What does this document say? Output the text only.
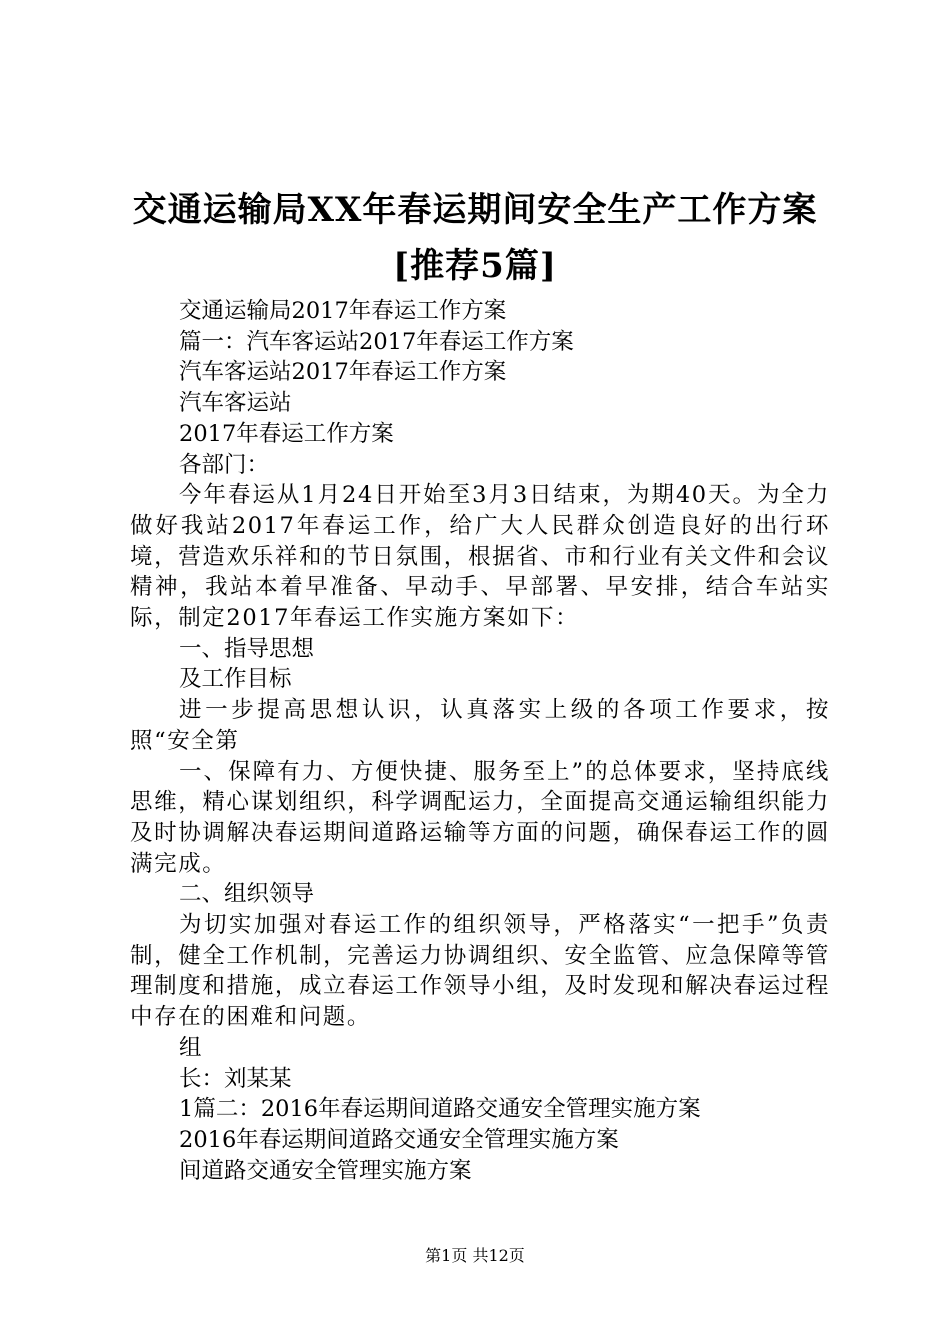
交通运输局XX年春运期间安全生产工作方案
[推荐5篇]

交通运输局2017年春运工作方案

篇一：汽车客运站2017年春运工作方案

汽车客运站2017年春运工作方案

汽车客运站

2017年春运工作方案

各部门：

今年春运从1月24日开始至3月3日结束，为期40天。为全力做好我站2017年春运工作，给广大人民群众创造良好的出行环境，营造欢乐祥和的节日氛围，根据省、市和行业有关文件和会议精神，我站本着早准备、早动手、早部署、早安排，结合车站实际，制定2017年春运工作实施方案如下：

一、指导思想

及工作目标

进一步提高思想认识，认真落实上级的各项工作要求，按照“安全第

一、保障有力、方便快捷、服务至上”的总体要求，坚持底线思维，精心谋划组织，科学调配运力，全面提高交通运输组织能力及时协调解决春运期间道路运输等方面的问题，确保春运工作的圆满完成。

二、组织领导

为切实加强对春运工作的组织领导，严格落实“一把手”负责制，健全工作机制，完善运力协调组织、安全监管、应急保障等管理制度和措施，成立春运工作领导小组，及时发现和解决春运过程中存在的困难和问题。

组

长：刘某某

1篇二：2016年春运期间道路交通安全管理实施方案

2016年春运期间道路交通安全管理实施方案

间道路交通安全管理实施方案

第1页 共12页
